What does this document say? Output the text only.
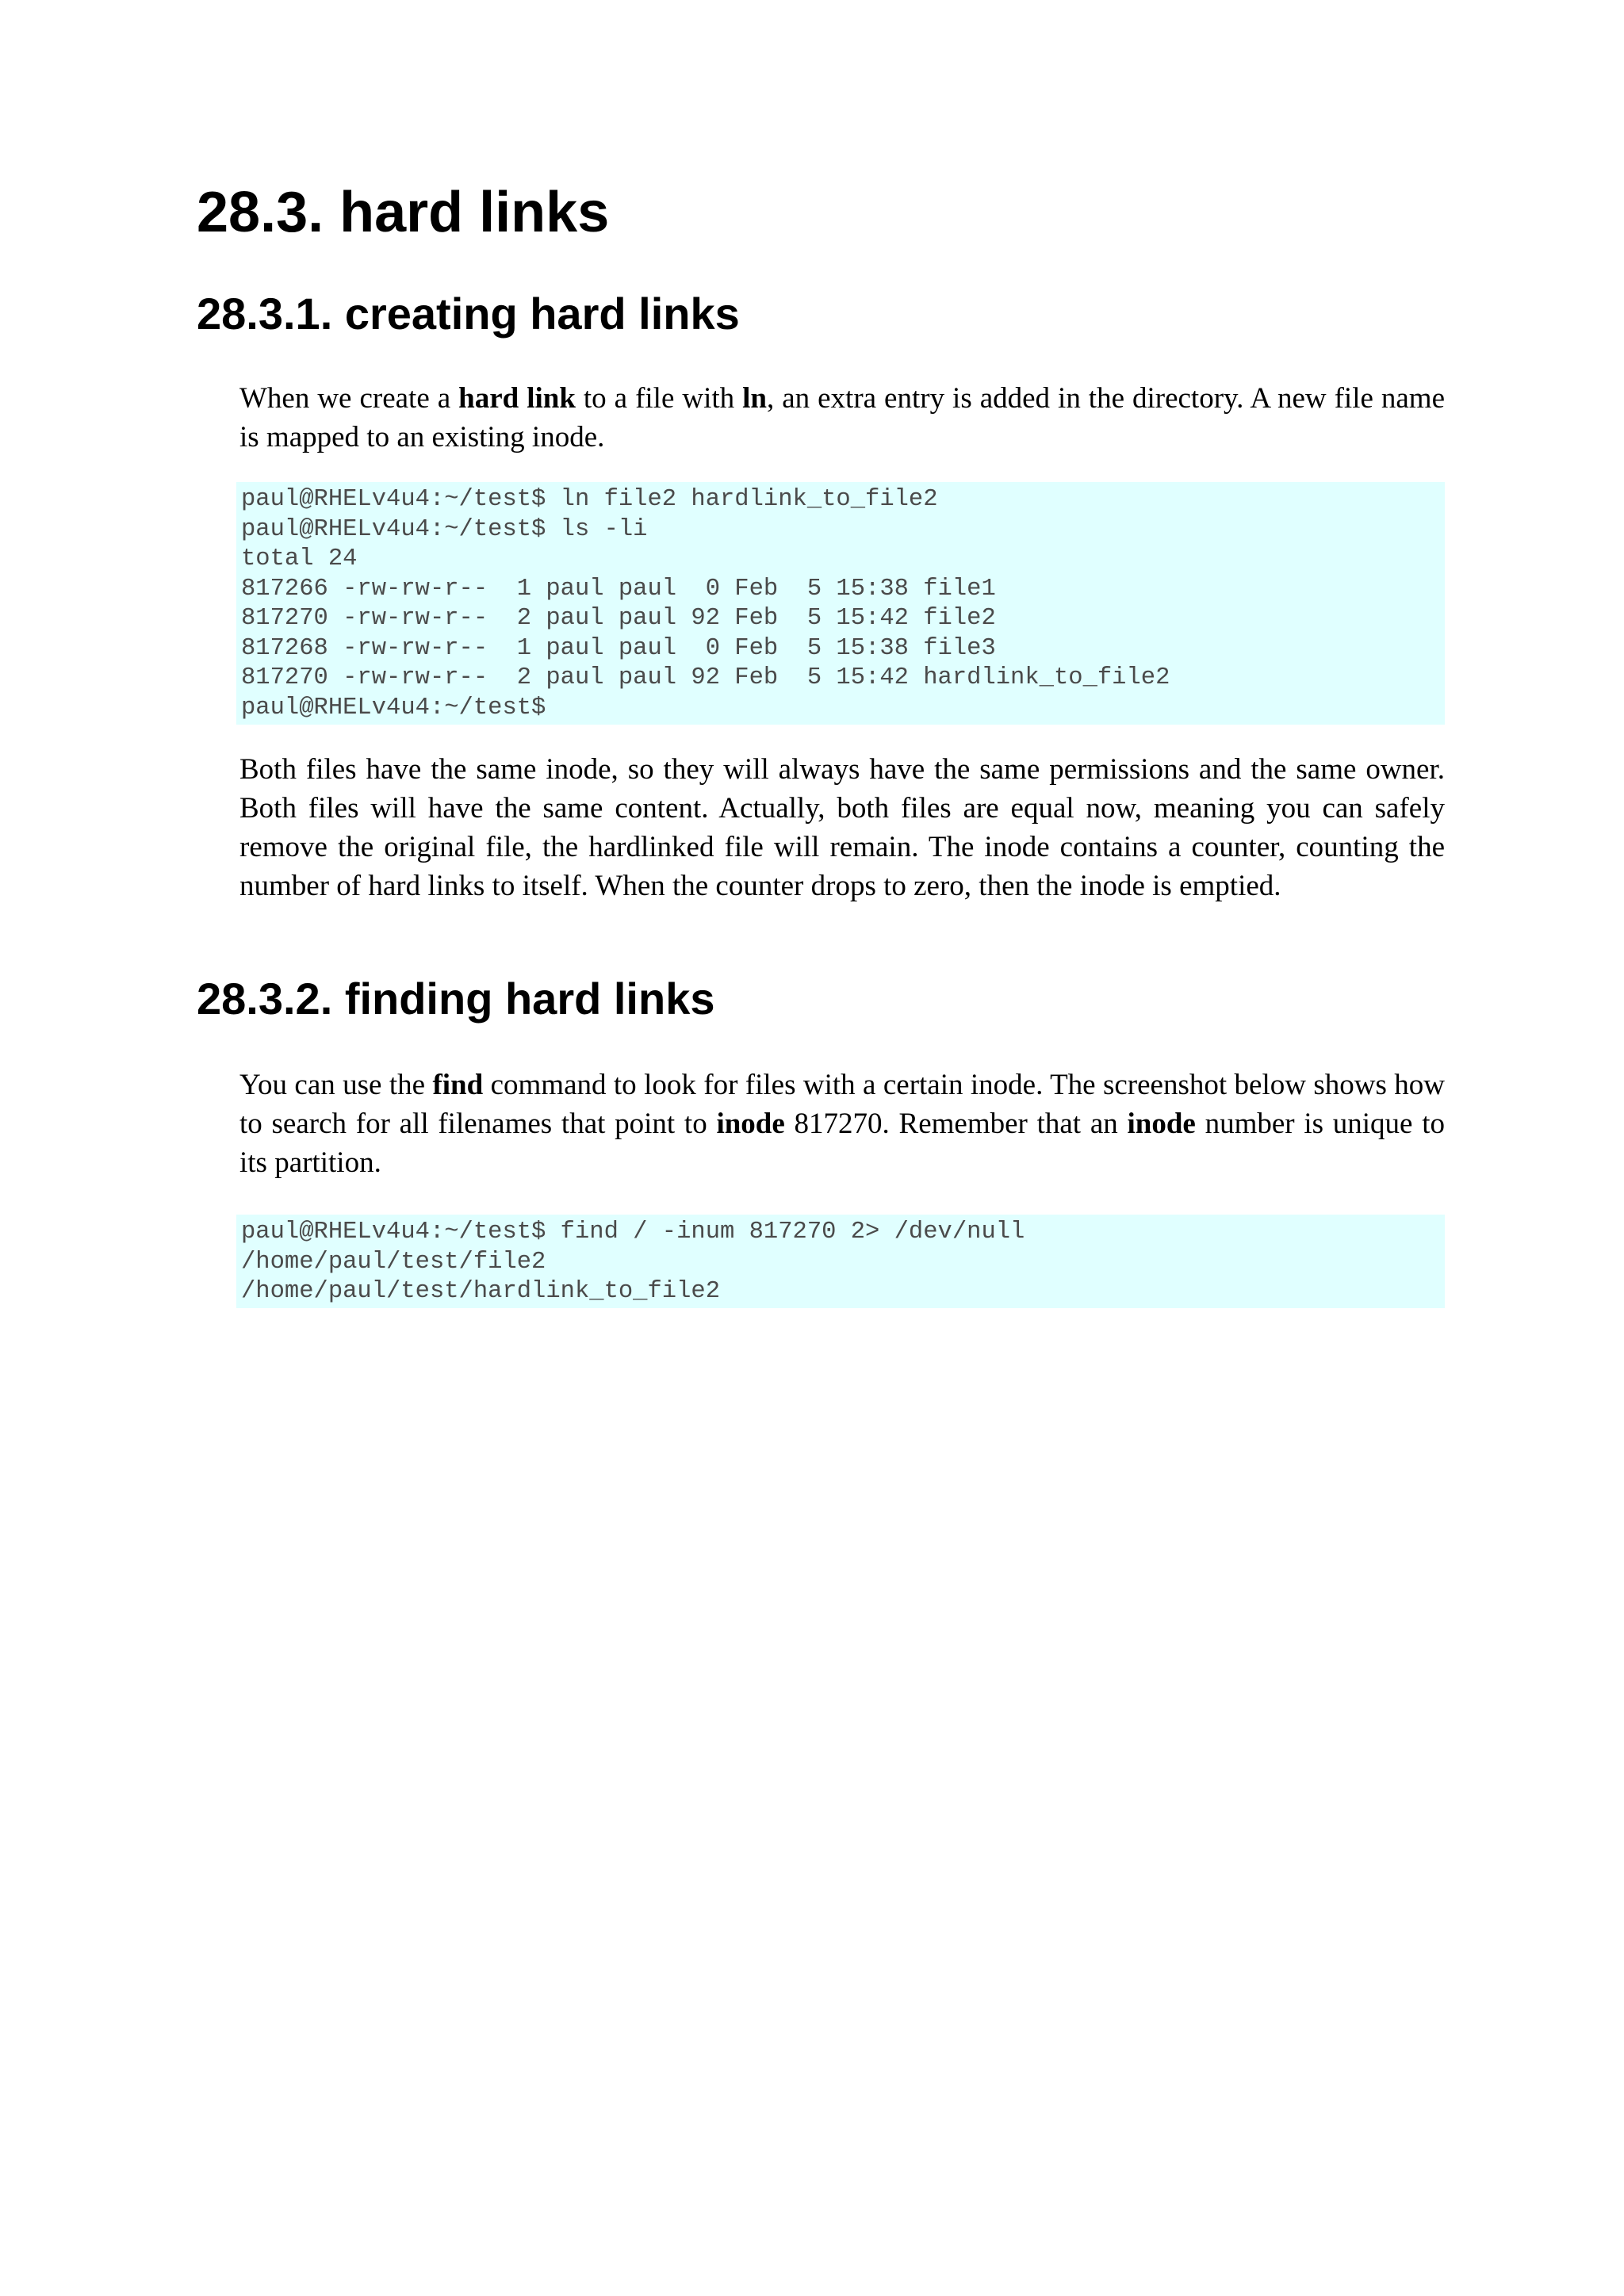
28.3. hard links
28.3.1. creating hard links

When we create a hard link to a file with ln, an extra entry is added in the directory. A new file name is mapped to an existing inode.

paul@RHELv4u4:~/test$ ln file2 hardlink_to_file2
paul@RHELv4u4:~/test$ ls -li
total 24
817266 -rw-rw-r--  1 paul paul  0 Feb  5 15:38 file1
817270 -rw-rw-r--  2 paul paul 92 Feb  5 15:42 file2
817268 -rw-rw-r--  1 paul paul  0 Feb  5 15:38 file3
817270 -rw-rw-r--  2 paul paul 92 Feb  5 15:42 hardlink_to_file2
paul@RHELv4u4:~/test$

Both files have the same inode, so they will always have the same permissions and the same owner. Both files will have the same content. Actually, both files are equal now, meaning you can safely remove the original file, the hardlinked file will remain. The inode contains a counter, counting the number of hard links to itself. When the counter drops to zero, then the inode is emptied.

28.3.2. finding hard links

You can use the find command to look for files with a certain inode. The screenshot below shows how to search for all filenames that point to inode 817270. Remember that an inode number is unique to its partition.

paul@RHELv4u4:~/test$ find / -inum 817270 2> /dev/null
/home/paul/test/file2
/home/paul/test/hardlink_to_file2
